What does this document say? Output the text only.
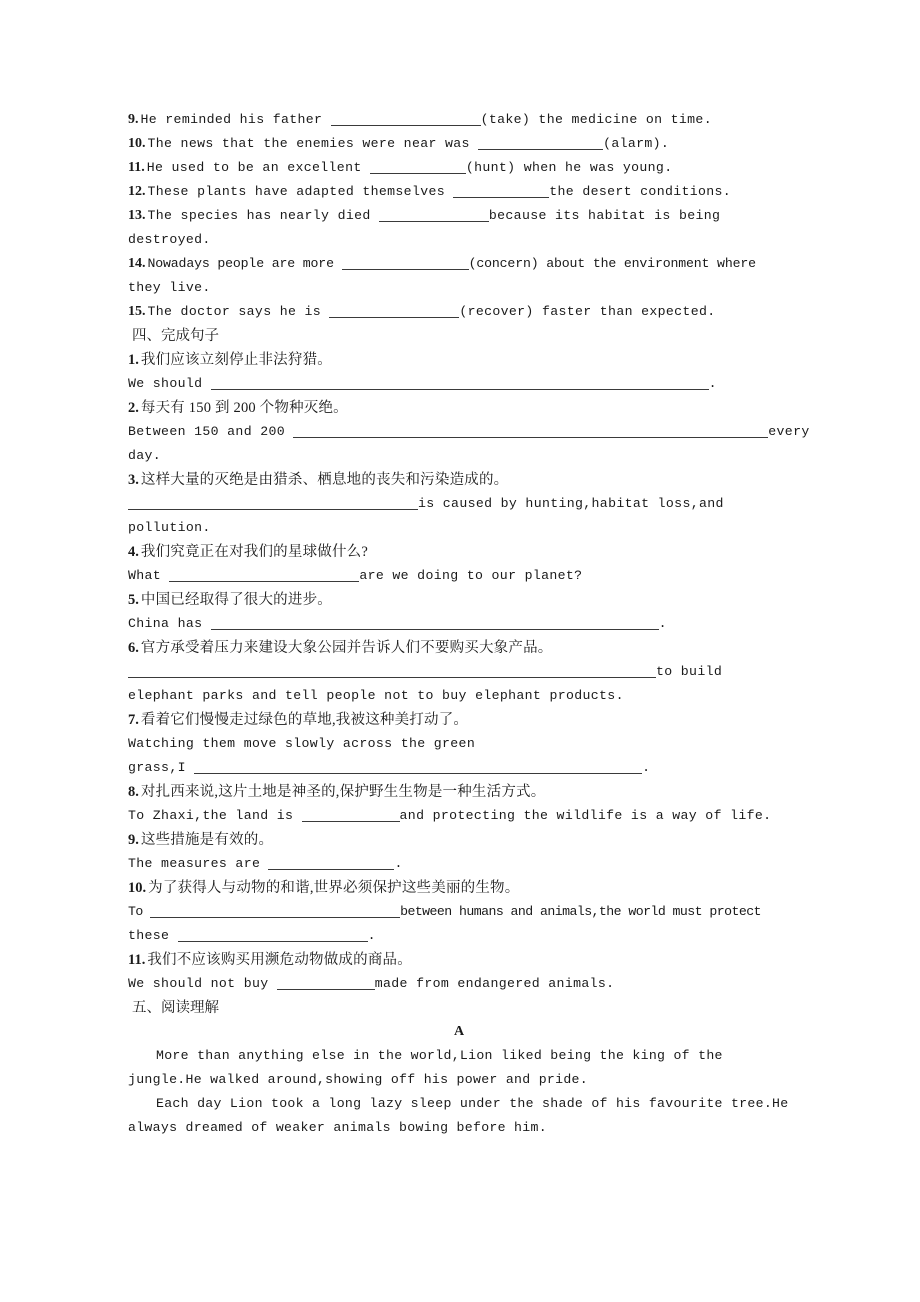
9. He reminded his father	(take) the medicine on time.
10. The news that the enemies were near was	(alarm).
11. He used to be an excellent	(hunt) when he was young.
12. These plants have adapted themselves	the desert conditions.
13. The species has nearly died	because its habitat is being
destroyed.
14. Nowadays people are more	(concern) about the environment where
they live.
15. The doctor says he is	(recover) faster than expected.
四、完成句子
1. 我们应该立刻停止非法狩猎。
We should	.
2. 每天有 150 到 200 个物种灭绝。
Between 150 and 200	every
day.
3. 这样大量的灭绝是由猎杀、栖息地的丧失和污染造成的。
is caused by hunting,habitat loss,and
pollution.
4. 我们究竟正在对我们的星球做什么?
What	are we doing to our planet?
5. 中国已经取得了很大的进步。
China has	.
6. 官方承受着压力来建设大象公园并告诉人们不要购买大象产品。
to build
elephant parks and tell people not to buy elephant products.
7. 看着它们慢慢走过绿色的草地,我被这种美打动了。
Watching them move slowly across the green
grass,I	.
8. 对扎西来说,这片土地是神圣的,保护野生生物是一种生活方式。
To Zhaxi,the land is	and protecting the wildlife is a way of life.
9. 这些措施是有效的。
The measures are	.
10. 为了获得人与动物的和谐,世界必须保护这些美丽的生物。
To	between humans and animals,the world must protect
these	.
11. 我们不应该购买用濒危动物做成的商品。
We should not buy	made from endangered animals.
五、阅读理解
A
More than anything else in the world,Lion liked being the king of the jungle.He walked around,showing off his power and pride.
Each day Lion took a long lazy sleep under the shade of his favourite tree.He always dreamed of weaker animals bowing before him.
